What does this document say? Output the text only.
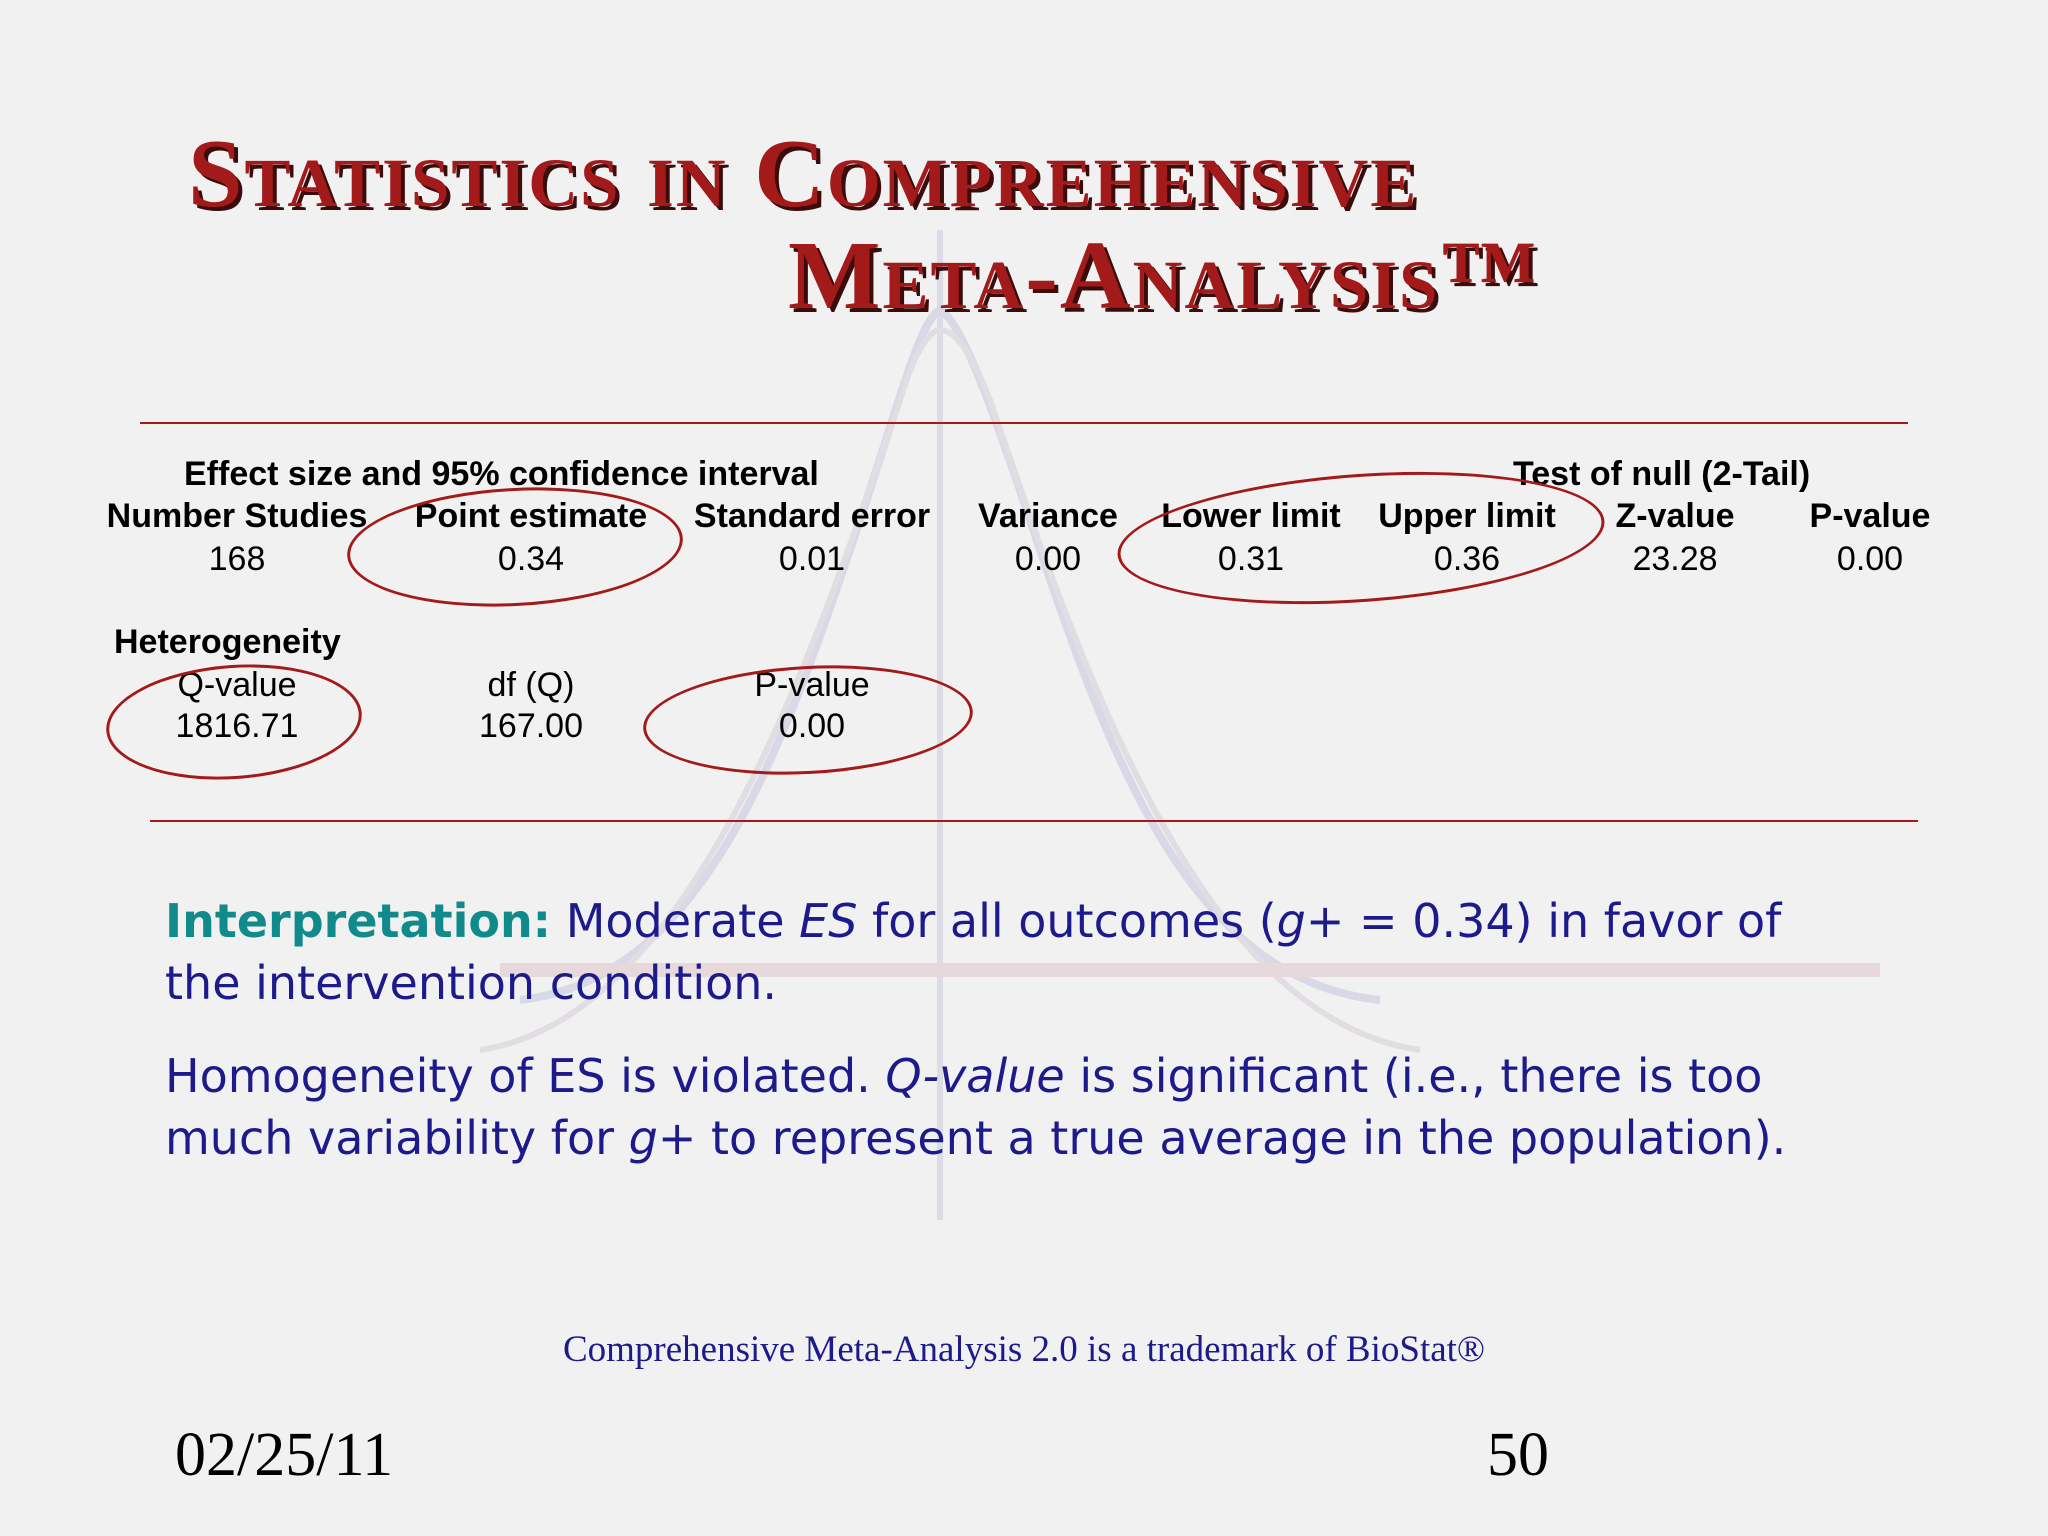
Statistics in Comprehensive
Meta-Analysis™
Effect size and 95% confidence interval	Test of null (2-Tail)
Number Studies	Point estimate	Standard error	Variance	Lower limit	Upper limit	Z-value	P-value
168	0.34	0.01	0.00	0.31	0.36	23.28	0.00
Heterogeneity
Q-value	df (Q)	P-value
1816.71	167.00	0.00
Interpretation: Moderate ES for all outcomes (g+ = 0.34) in favor of the intervention condition.
Homogeneity of ES is violated. Q-value is significant (i.e., there is too much variability for g+ to represent a true average in the population).
Comprehensive Meta-Analysis 2.0 is a trademark of BioStat®
02/25/11	50
